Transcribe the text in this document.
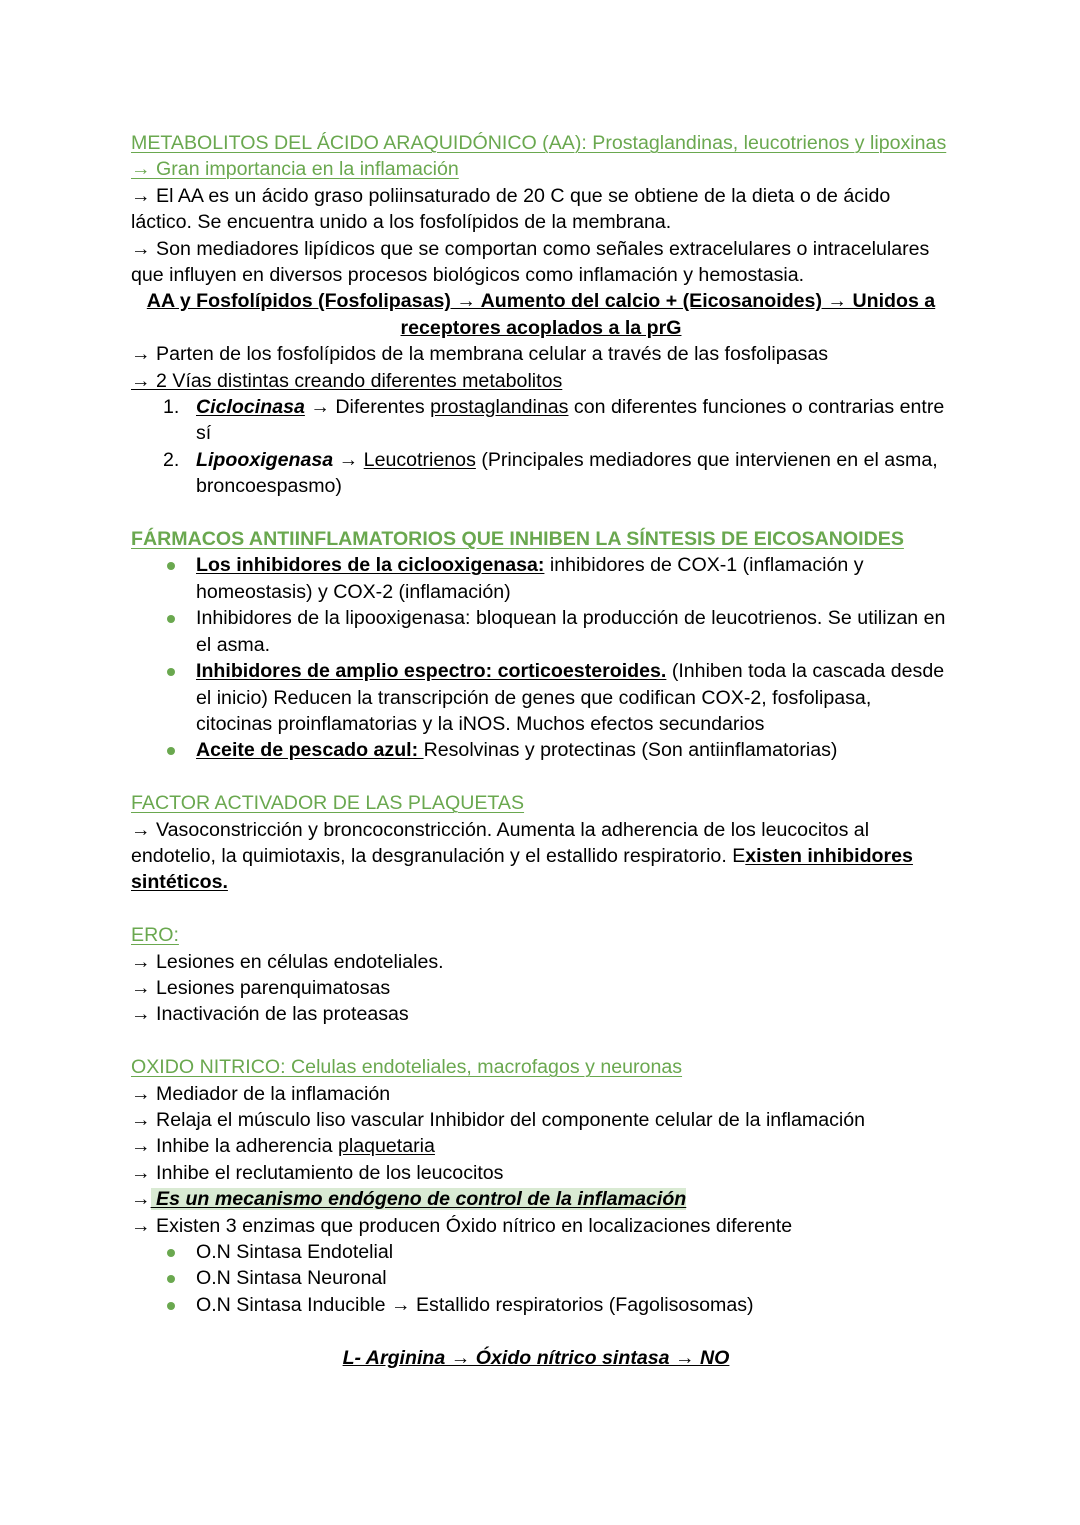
METABOLITOS DEL ÁCIDO ARAQUIDÓNICO (AA): Prostaglandinas, leucotrienos y lipoxinas → Gran importancia en la inflamación

→ El AA es un ácido graso poliinsaturado de 20 C que se obtiene de la dieta o de ácido láctico. Se encuentra unido a los fosfolípidos de la membrana.

→ Son mediadores lipídicos que se comportan como señales extracelulares o intracelulares que influyen en diversos procesos biológicos como inflamación y hemostasia.

AA y Fosfolípidos (Fosfolipasas) → Aumento del calcio + (Eicosanoides) → Unidos a receptores acoplados a la prG

→ Parten de los fosfolípidos de la membrana celular a través de las fosfolipasas

→ 2 Vías distintas creando diferentes metabolitos

1. Ciclocinasa → Diferentes prostaglandinas con diferentes funciones o contrarias entre sí
2. Lipooxigenasa → Leucotrienos (Principales mediadores que intervienen en el asma, broncoespasmo)

FÁRMACOS ANTIINFLAMATORIOS QUE INHIBEN LA SÍNTESIS DE EICOSANOIDES

Los inhibidores de la ciclooxigenasa: inhibidores de COX-1 (inflamación y homeostasis) y COX-2 (inflamación)
Inhibidores de la lipooxigenasa: bloquean la producción de leucotrienos. Se utilizan en el asma.
Inhibidores de amplio espectro: corticoesteroides. (Inhiben toda la cascada desde el inicio) Reducen la transcripción de genes que codifican COX-2, fosfolipasa, citocinas proinflamatorias y la iNOS. Muchos efectos secundarios
Aceite de pescado azul: Resolvinas y protectinas (Son antiinflamatorias)

FACTOR ACTIVADOR DE LAS PLAQUETAS

→ Vasoconstricción y broncoconstricción. Aumenta la adherencia de los leucocitos al endotelio, la quimiotaxis, la desgranulación y el estallido respiratorio. Existen inhibidores sintéticos.

ERO:

→ Lesiones en células endoteliales.

→ Lesiones parenquimatosas

→ Inactivación de las proteasas

OXIDO NITRICO: Celulas endoteliales, macrofagos y neuronas

→ Mediador de la inflamación

→ Relaja el músculo liso vascular Inhibidor del componente celular de la inflamación

→ Inhibe la adherencia plaquetaria

→ Inhibe el reclutamiento de los leucocitos

→ Es un mecanismo endógeno de control de la inflamación

→ Existen 3 enzimas que producen Óxido nítrico en localizaciones diferente

O.N Sintasa Endotelial
O.N Sintasa Neuronal
O.N Sintasa Inducible → Estallido respiratorios (Fagolisosomas)

L- Arginina → Óxido nítrico sintasa → NO
